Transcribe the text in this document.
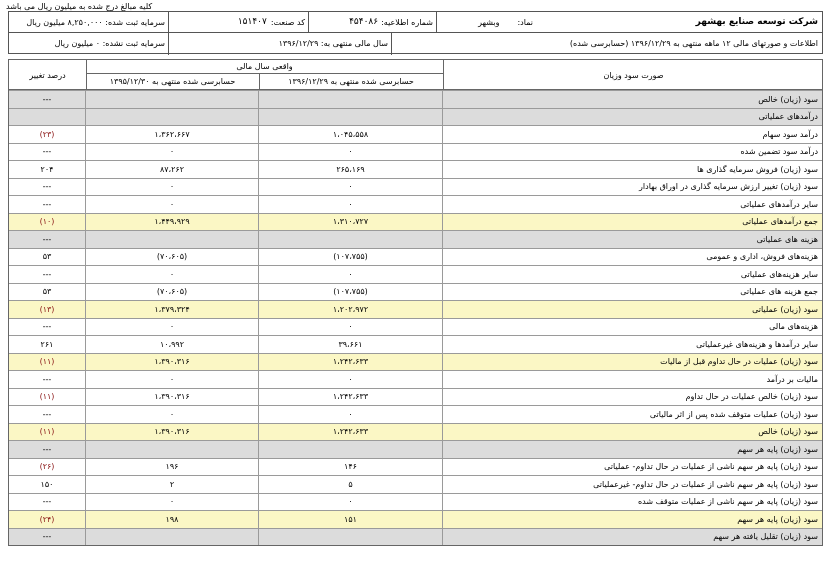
کلیه مبالغ درج شده به میلیون ریال می باشد
شرکت توسعه صنایع بهشهر
نماد:
وبشهر
شماره اطلاعیه:
۴۵۴۰۸۶
کد صنعت:
۱۵۱۴۰۷
سرمایه ثبت شده: ۸,۲۵۰,۰۰۰ میلیون ریال
اطلاعات و صورتهای مالی ۱۲ ماهه منتهی به ۱۳۹۶/۱۲/۲۹ (حسابرسی شده)
سال مالی منتهی به: ۱۳۹۶/۱۲/۲۹
سرمایه ثبت نشده: ۰ میلیون ریال
صورت سود وزیان
واقعی سال مالی
حسابرسی شده منتهی به ۱۳۹۶/۱۲/۲۹
حسابرسی شده منتهی به ۱۳۹۵/۱۲/۳۰
درصد تغییر
---	سود (زیان) خالص
درآمدهای عملیاتی
(۲۳)	۱،۳۶۲،۶۶۷	۱،۰۴۵،۵۵۸	درآمد سود سهام
---	۰	۰	درآمد سود تضمین شده
۲۰۴	۸۷،۲۶۲	۲۶۵،۱۶۹	سود (زیان) فروش سرمایه گذاری ها
---	۰	۰	سود (زیان) تغییر ارزش سرمایه گذاری در اوراق بهادار
---	۰	۰	سایر درآمدهای عملیاتی
(۱۰)	۱،۴۴۹،۹۲۹	۱،۳۱۰،۷۲۷	جمع درآمدهای عملیاتی
---	هزینه های عملیاتی
۵۳	(۷۰،۶۰۵)	(۱۰۷،۷۵۵)	هزینه‌های فروش، اداری و عمومی
---	۰	۰	سایر هزینه‌های عملیاتی
۵۳	(۷۰،۶۰۵)	(۱۰۷،۷۵۵)	جمع هزینه های عملیاتی
(۱۳)	۱،۳۷۹،۳۲۴	۱،۲۰۲،۹۷۲	سود (زیان) عملیاتی
---	۰	۰	هزینه‌های مالی
۲۶۱	۱۰،۹۹۲	۳۹،۶۶۱	سایر درآمدها و هزینه‌های غیرعملیاتی
(۱۱)	۱،۳۹۰،۳۱۶	۱،۲۴۲،۶۳۳	سود (زیان) عملیات در حال تداوم قبل از مالیات
---	۰	۰	مالیات بر درآمد
(۱۱)	۱،۳۹۰،۳۱۶	۱،۲۴۲،۶۳۳	سود (زیان) خالص عملیات در حال تداوم
---	۰	۰	سود (زیان) عملیات متوقف شده پس از اثر مالیاتی
(۱۱)	۱،۳۹۰،۳۱۶	۱،۲۴۲،۶۳۳	سود (زیان) خالص
---	سود (زیان) پایه هر سهم
(۲۶)	۱۹۶	۱۴۶	سود (زیان) پایه هر سهم ناشی از عملیات در حال تداوم- عملیاتی
۱۵۰	۲	۵	سود (زیان) پایه هر سهم ناشی از عملیات در حال تداوم- غیرعملیاتی
---	۰	۰	سود (زیان) پایه هر سهم ناشی از عملیات متوقف شده
(۲۴)	۱۹۸	۱۵۱	سود (زیان) پایه هر سهم
---	سود (زیان) تقلیل یافته هر سهم
